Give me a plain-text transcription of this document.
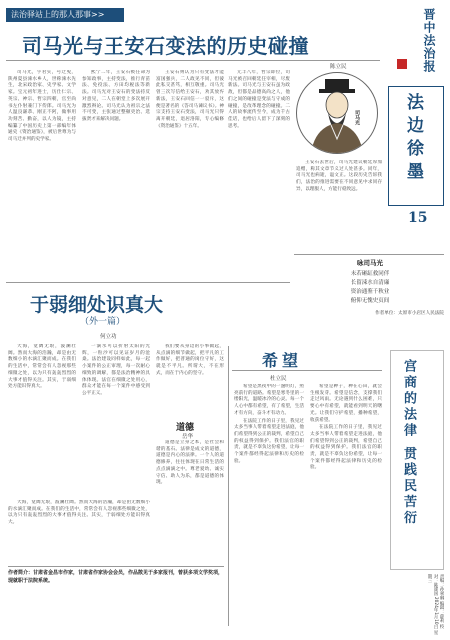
法治驿站上的那人那事>>	晋中法治报
法边徐墨
15
司马光与王安石变法的历史碰撞
陈立民

司马光，字君实，号迂叟，陕州夏县涑水乡人，世称涑水先生，北宋政治家、史学家、文学家。宝元初年进士，历仕仁宗、英宗、神宗、哲宗四朝，官至尚书左仆射兼门下侍郎。司马光为人温良谦恭、刚正不阿，做事用功刻苦、勤奋，以人为镜，主持编纂了中国历史上第一部编年体通史《资治通鉴》，被后世尊为与司马迁并列的史学家。

熙宁二年，王安石被任命为参知政事，主持变法，推行青苗法、免役法、方田均税法等新法。司马光对王安石的变法持反对意见，二人在朝堂上多次展开激烈辩论。司马光认为祖宗之法不可变，主张通过整顿吏治、选拔贤才来解决问题。

王安石则认为只有变法才能富国强兵，二人政见不同，但彼此私交甚笃，相互敬重。司马光曾三次写信给王安石，劝其放弃新法，王安石回信一一驳斥，这便是著名的《答司马谏议书》。神宗支持王安石变法，司马光只得离开朝廷，退居洛阳，专心编修《资治通鉴》十五年。

元丰八年，哲宗即位，司马光被召回朝廷任宰相，尽废新法。司马光与王安石虽为政敌，但都是品德高尚之人，他们之间的碰撞是变法与守成的碰撞，是改革理念的碰撞。二人的故事流传至今，成为千古佳话，也给后人留下了深刻的思考。

王安石去世后，司马光建议朝廷厚加追赠，称其文章节义过人处甚多。同年，司马光也病逝，谥文正。这段历史告诉我们，法治的推进需要在不同意见中求同存异，以理服人，方能行稳致远。

司马光
咏司马光
未若砸缸救同伴
长留涑水自清廉
资治通鉴千秋业
俯仰无愧史页间
作者单位：太原市小店区人民法院
于弱细处识真大
（外一篇）
何立功

大海，宽阔无垠，波澜壮阔。然而大海的浩瀚，却是由无数细小的水滴汇聚而成。在我们的生活中，常常会有人忽视那些细微之处，以为只有轰轰烈烈的大事才值得关注。其实，于弱细处方能识得真大。

一滴水可以折射太阳的光辉，一粒沙可以见证岁月的沧桑。法治建设同样如此，每一起小案件的公正审理，每一次耐心细致的调解，都是法治精神的具体体现。法官在细微之处用心，群众才能在每一个案件中感受到公平正义。

我们要从身边的小事做起，从点滴的细节做起，把平凡的工作做好，把普通的岗位守好，这就是不平凡。所谓大，不在形式，而在于内心的坚守。

道德
岳华

道德是立身之本，是社会和谐的基石。法律是成文的道德，道德是内心的法律。一个人的道德修养，往往体现在日常生活的点点滴滴之中。尊老爱幼、诚实守信、助人为乐，都是道德的体现。

大海，宽阔无垠，波澜壮阔。然而大海的浩瀚，却是由无数细小的水滴汇聚而成。在我们的生活中，常常会有人忽视那些细微之处，以为只有轰轰烈烈的大事才值得关注。其实，于弱细处方能识得真大。

作者简介：甘肃省金昌市作家，甘肃省作家协会会员，作品散见于多家报刊，曾获多项文学奖项，现就职于法院系统。
希望
杜立民

希望是黑夜中的一盏明灯，照亮前行的道路。希望是寒冬里的一缕阳光，温暖冰冷的心灵。每一个人心中都有希望，有了希望，生活才有方向，奋斗才有动力。

在法院工作的日子里，我见过太多当事人带着希望走进法庭，他们希望得到公正的裁判，希望自己的权益得到保护。我们法官的职责，就是不辜负这份希望，让每一个案件都经得起法律和历史的检验。

希望是种子，种在心田，就会生根发芽。希望是信念，支撑我们走过风雨。无论遇到什么困难，只要心中有希望，就能看到明天的曙光。让我们守护希望，播种希望，收获希望。

在法院工作的日子里，我见过太多当事人带着希望走进法庭，他们希望得到公正的裁判，希望自己的权益得到保护。我们法官的职责，就是不辜负这份希望，让每一个案件都经得起法律和历史的检验。	宫商的法律 贯践民苦衍
责编：孙翠琳 编辑：薛莉 校对：陈建国 2024年1月10日 星期三
